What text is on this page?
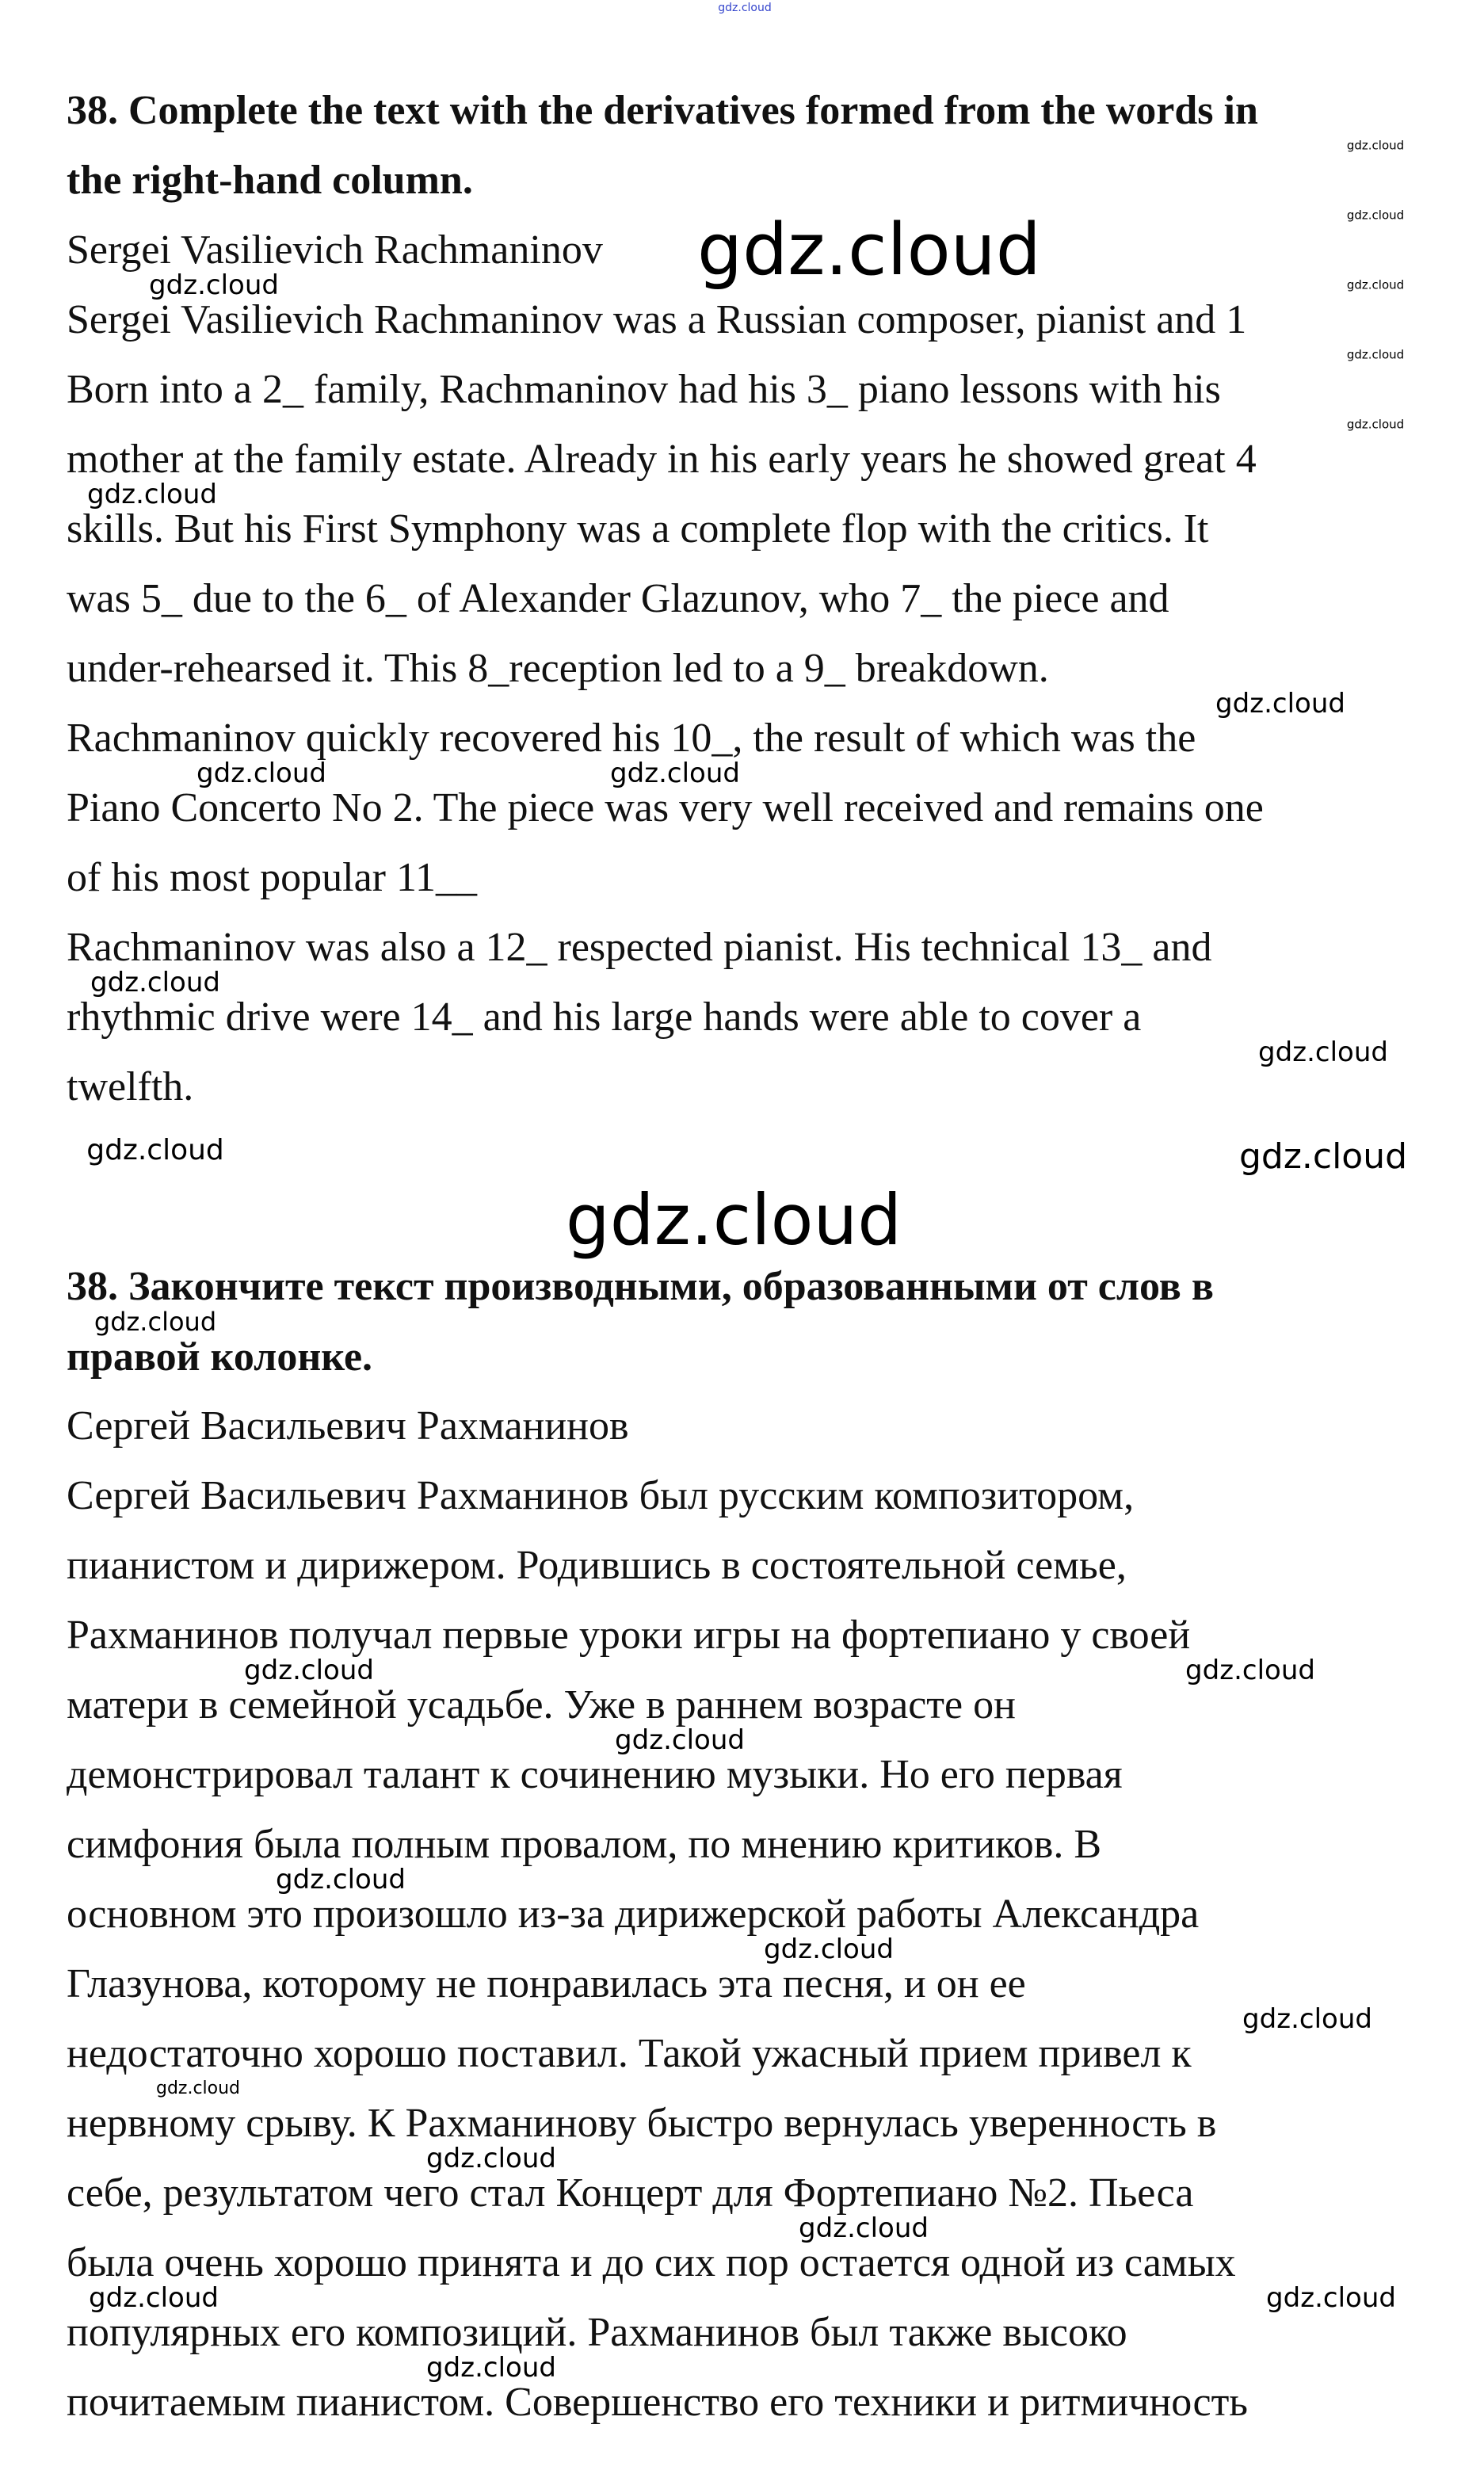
38. Complete the text with the derivatives formed from the words in
the right-hand column.
Sergei Vasilievich Rachmaninov
Sergei Vasilievich Rachmaninov was a Russian composer, pianist and 1
Born into a 2_ family, Rachmaninov had his 3_ piano lessons with his
mother at the family estate. Already in his early years he showed great 4
skills. But his First Symphony was a complete flop with the critics. It
was 5_ due to the 6_ of Alexander Glazunov, who 7_ the piece and
under-rehearsed it. This 8_reception led to a 9_ breakdown.
Rachmaninov quickly recovered his 10_, the result of which was the
Piano Concerto No 2. The piece was very well received and remains one
of his most popular 11__
Rachmaninov was also a 12_ respected pianist. His technical 13_ and
rhythmic drive were 14_ and his large hands were able to cover a
twelfth.
38. Закончите текст производными, образованными от слов в
правой колонке.
Сергей Васильевич Рахманинов
Сергей Васильевич Рахманинов был русским композитором,
пианистом и дирижером. Родившись в состоятельной семье,
Рахманинов получал первые уроки игры на фортепиано у своей
матери в семейной усадьбе. Уже в раннем возрасте он
демонстрировал талант к сочинению музыки. Но его первая
симфония была полным провалом, по мнению критиков. В
основном это произошло из-за дирижерской работы Александра
Глазунова, которому не понравилась эта песня, и он ее
недостаточно хорошо поставил. Такой ужасный прием привел к
нервному срыву. К Рахманинову быстро вернулась уверенность в
себе, результатом чего стал Концерт для Фортепиано №2. Пьеса
была очень хорошо принята и до сих пор остается одной из самых
популярных его композиций. Рахманинов был также высоко
почитаемым пианистом. Совершенство его техники и ритмичность
gdz.cloud
gdz.cloud
gdz.cloud
gdz.cloud
gdz.cloud
gdz.cloud
gdz.cloud
gdz.cloud
gdz.cloud
gdz.cloud
gdz.cloud	gdz.cloud
gdz.cloud
gdz.cloud
gdz.cloud
gdz.cloud
gdz.cloud
gdz.cloud
gdz.cloud	gdz.cloud
gdz.cloud
gdz.cloud
gdz.cloud
gdz.cloud
gdz.cloud
gdz.cloud
gdz.cloud
gdz.cloud	gdz.cloud
gdz.cloud
